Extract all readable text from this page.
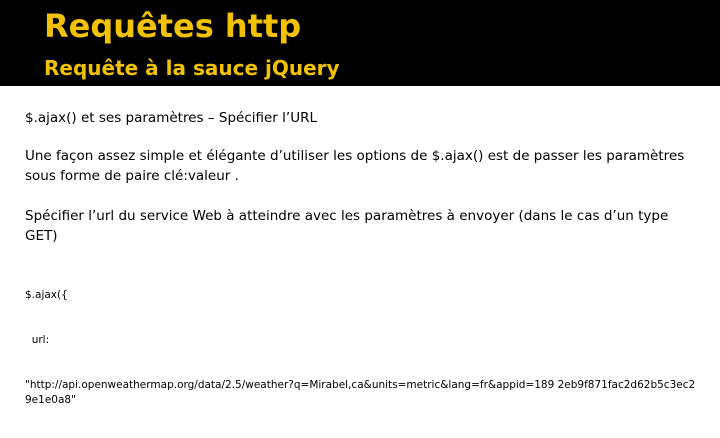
Requêtes http
Requête à la sauce jQuery

$.ajax() et ses paramètres – Spécifier l’URL

Une façon assez simple et élégante d’utiliser les options de $.ajax() est de passer les paramètres sous forme de paire clé:valeur .

Spécifier l’url du service Web à atteindre avec les paramètres à envoyer (dans le cas d’un type GET)

$.ajax({

url:

"http://api.openweathermap.org/data/2.5/weather?q=Mirabel,ca&units=metric&lang=fr&appid=189 2eb9f871fac2d62b5c3ec29e1e0a8"
